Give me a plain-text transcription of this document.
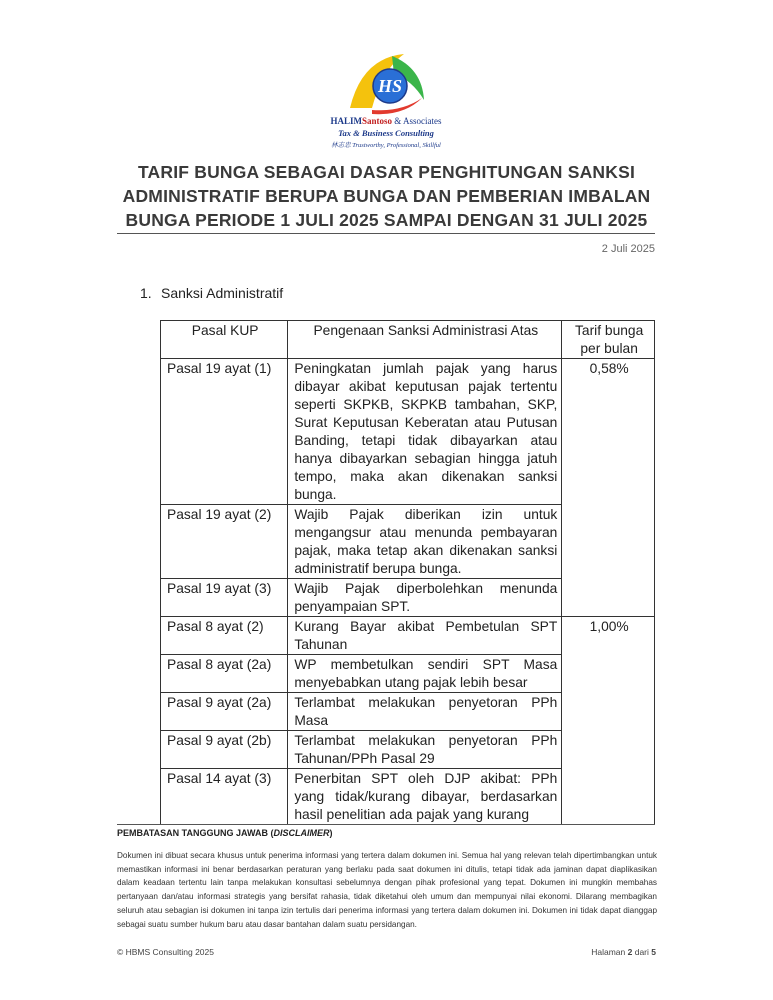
HS
HALIMSantoso & Associates
Tax & Business Consulting
林志忠 Trustworthy, Professional, Skillful
TARIF BUNGA SEBAGAI DASAR PENGHITUNGAN SANKSI
ADMINISTRATIF BERUPA BUNGA DAN PEMBERIAN IMBALAN
BUNGA PERIODE 1 JULI 2025 SAMPAI DENGAN 31 JULI 2025
2 Juli 2025
1. Sanksi Administratif
Pasal KUP	Pengenaan Sanksi Administrasi Atas	Tarif bunga per bulan
Pasal 19 ayat (1)	Peningkatan jumlah pajak yang harus dibayar akibat keputusan pajak tertentu seperti SKPKB, SKPKB tambahan, SKP, Surat Keputusan Keberatan atau Putusan Banding, tetapi tidak dibayarkan atau hanya dibayarkan sebagian hingga jatuh tempo, maka akan dikenakan sanksi bunga.	0,58%
Pasal 19 ayat (2)	Wajib Pajak diberikan izin untuk mengangsur atau menunda pembayaran pajak, maka tetap akan dikenakan sanksi administratif berupa bunga.	
Pasal 19 ayat (3)	Wajib Pajak diperbolehkan menunda penyampaian SPT.	
Pasal 8 ayat (2)	Kurang Bayar akibat Pembetulan SPT Tahunan	1,00%
Pasal 8 ayat (2a)	WP membetulkan sendiri SPT Masa menyebabkan utang pajak lebih besar	
Pasal 9 ayat (2a)	Terlambat melakukan penyetoran PPh Masa	
Pasal 9 ayat (2b)	Terlambat melakukan penyetoran PPh Tahunan/PPh Pasal 29	
Pasal 14 ayat (3)	Penerbitan SPT oleh DJP akibat: PPh yang tidak/kurang dibayar, berdasarkan hasil penelitian ada pajak yang kurang	
PEMBATASAN TANGGUNG JAWAB (DISCLAIMER)
Dokumen ini dibuat secara khusus untuk penerima informasi yang tertera dalam dokumen ini. Semua hal yang relevan telah dipertimbangkan untuk memastikan informasi ini benar berdasarkan peraturan yang berlaku pada saat dokumen ini ditulis, tetapi tidak ada jaminan dapat diaplikasikan dalam keadaan tertentu lain tanpa melakukan konsultasi sebelumnya dengan pihak profesional yang tepat. Dokumen ini mungkin membahas pertanyaan dan/atau informasi strategis yang bersifat rahasia, tidak diketahui oleh umum dan mempunyai nilai ekonomi. Dilarang membagikan seluruh atau sebagian isi dokumen ini tanpa izin tertulis dari penerima informasi yang tertera dalam dokumen ini. Dokumen ini tidak dapat dianggap sebagai suatu sumber hukum baru atau dasar bantahan dalam suatu persidangan.
© HBMS Consulting 2025	Halaman 2 dari 5
